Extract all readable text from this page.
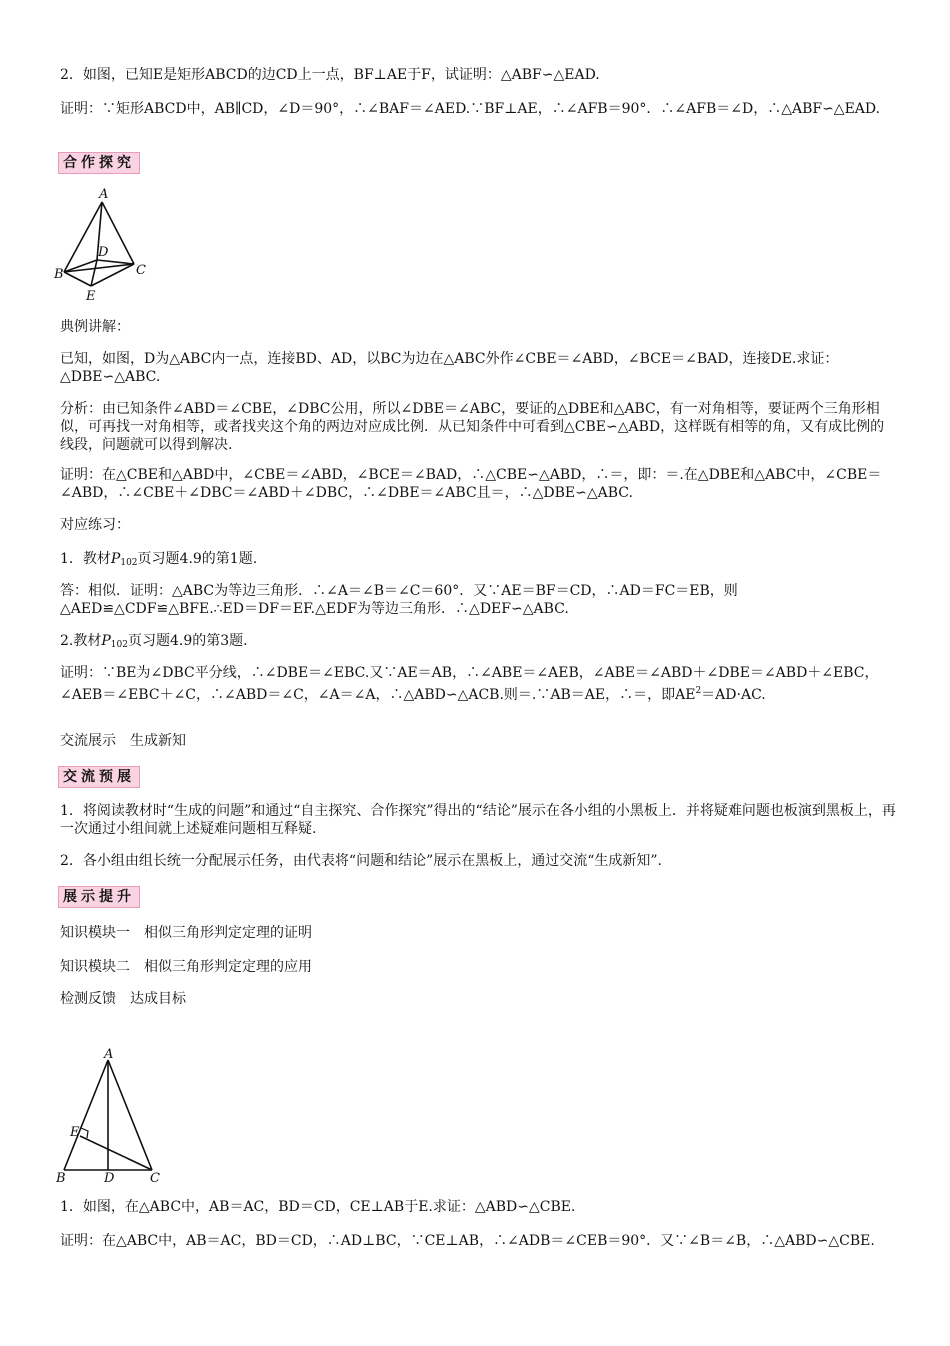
2．如图，已知E是矩形ABCD的边CD上一点，BF⊥AE于F，试证明：△ABF∽△EAD.

证明：∵矩形ABCD中，AB∥CD，∠D＝90°，∴∠BAF＝∠AED.∵BF⊥AE，∴∠AFB＝90°．∴∠AFB＝∠D，∴△ABF∽△EAD.

合作探究
A
B	C
D
E

典例讲解：

已知，如图，D为△ABC内一点，连接BD、AD，以BC为边在△ABC外作∠CBE＝∠ABD，∠BCE＝∠BAD，连接DE.求证：△DBE∽△ABC.

分析：由已知条件∠ABD＝∠CBE，∠DBC公用，所以∠DBE＝∠ABC，要证的△DBE和△ABC，有一对角相等，要证两个三角形相似，可再找一对角相等，或者找夹这个角的两边对应成比例．从已知条件中可看到△CBE∽△ABD，这样既有相等的角，又有成比例的线段，问题就可以得到解决.

证明：在△CBE和△ABD中，∠CBE＝∠ABD，∠BCE＝∠BAD，∴△CBE∽△ABD，∴＝，即：＝.在△DBE和△ABC中，∠CBE＝∠ABD，∴∠CBE＋∠DBC＝∠ABD＋∠DBC，∴∠DBE＝∠ABC且＝，∴△DBE∽△ABC.

对应练习：

1．教材$P_{102}$页习题4.9的第1题.

答：相似．证明：△ABC为等边三角形．∴∠A＝∠B＝∠C＝60°．又∵AE＝BF＝CD，∴AD＝FC＝EB，则△AED≌△CDF≌△BFE.∴ED＝DF＝EF.△EDF为等边三角形．∴△DEF∽△ABC.

2.教材$P_{102}$页习题4.9的第3题.

证明：∵BE为∠DBC平分线，∴∠DBE＝∠EBC.又∵AE＝AB，∴∠ABE＝∠AEB，∠ABE＝∠ABD＋∠DBE＝∠ABD＋∠EBC，∠AEB＝∠EBC＋∠C，∴∠ABD＝∠C，∠A＝∠A，∴△ABD∽△ACB.则＝.∵AB＝AE，∴＝，即$AE^2=AD\cdot AC$.

交流展示　生成新知

交流预展

1．将阅读教材时“生成的问题”和通过“自主探究、合作探究”得出的“结论”展示在各小组的小黑板上．并将疑难问题也板演到黑板上，再一次通过小组间就上述疑难问题相互释疑.

2．各小组由组长统一分配展示任务，由代表将“问题和结论”展示在黑板上，通过交流“生成新知”.

展示提升

知识模块一　相似三角形判定定理的证明

知识模块二　相似三角形判定定理的应用

检测反馈　达成目标

A
B	C
D
E

1．如图，在△ABC中，AB＝AC，BD＝CD，CE⊥AB于E.求证：△ABD∽△CBE.

证明：在△ABC中，AB＝AC，BD＝CD，∴AD⊥BC，∵CE⊥AB，∴∠ADB＝∠CEB＝90°．又∵∠B＝∠B，∴△ABD∽△CBE.
